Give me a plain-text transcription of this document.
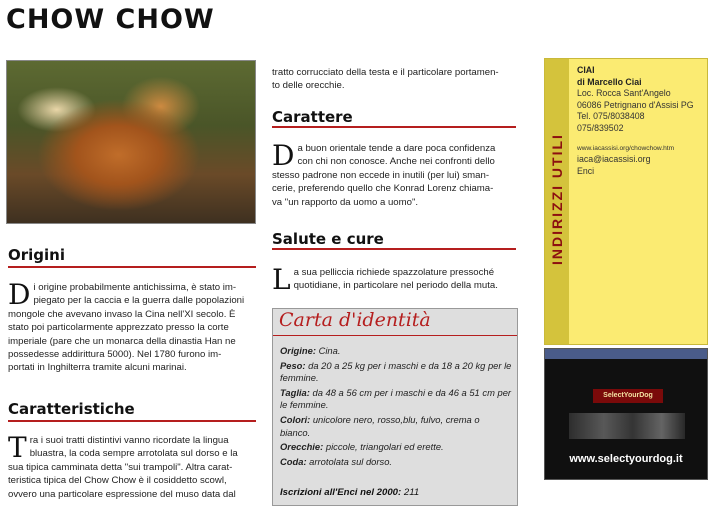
CHOW CHOW
Origini
D i origine probabilmente antichissima, è stato im-
piegato per la caccia e la guerra dalle popolazioni
mongole che avevano invaso la Cina nell'XI secolo. È
stato poi particolarmente apprezzato presso la corte
imperiale (pare che un monarca della dinastia Han ne
possedesse addirittura 5000). Nel 1780 furono im-
portati in Inghilterra tramite alcuni marinai.
Caratteristiche
T ra i suoi tratti distintivi vanno ricordate la lingua
bluastra, la coda sempre arrotolata sul dorso e la
sua tipica camminata detta "sui trampoli". Altra carat-
teristica tipica del Chow Chow è il cosiddetto scowl,
ovvero una particolare espressione del muso data dal
tratto corrucciato della testa e il particolare portamen-
to delle orecchie.
Carattere
D a buon orientale tende a dare poca confidenza
con chi non conosce. Anche nei confronti dello
stesso padrone non eccede in inutili (per lui) sman-
cerie, preferendo quello che Konrad Lorenz chiama-
va "un rapporto da uomo a uomo".
Salute e cure
L a sua pelliccia richiede spazzolature pressoché
quotidiane, in particolare nel periodo della muta.
Carta d'identità

Origine: Cina.

Peso: da 20 a 25 kg per i maschi e da 18 a 20 kg per le femmine.

Taglia: da 48 a 56 cm per i maschi e da 46 a 51 cm per le femmine.

Colori: unicolore nero, rosso,blu, fulvo, crema o bianco.

Orecchie: piccole, triangolari ed erette.

Coda: arrotolata sul dorso.

Iscrizioni all'Enci nel 2000: 211
INDIRIZZI UTILI
CIAI
di Marcello Ciai
Loc. Rocca Sant'Angelo
06086 Petrignano d'Assisi PG
Tel. 075/8038408
075/839502
www.iacassisi.org/chowchow.htm
iaca@iacassisi.org
Enci
SelectYourDog
www.selectyourdog.it
